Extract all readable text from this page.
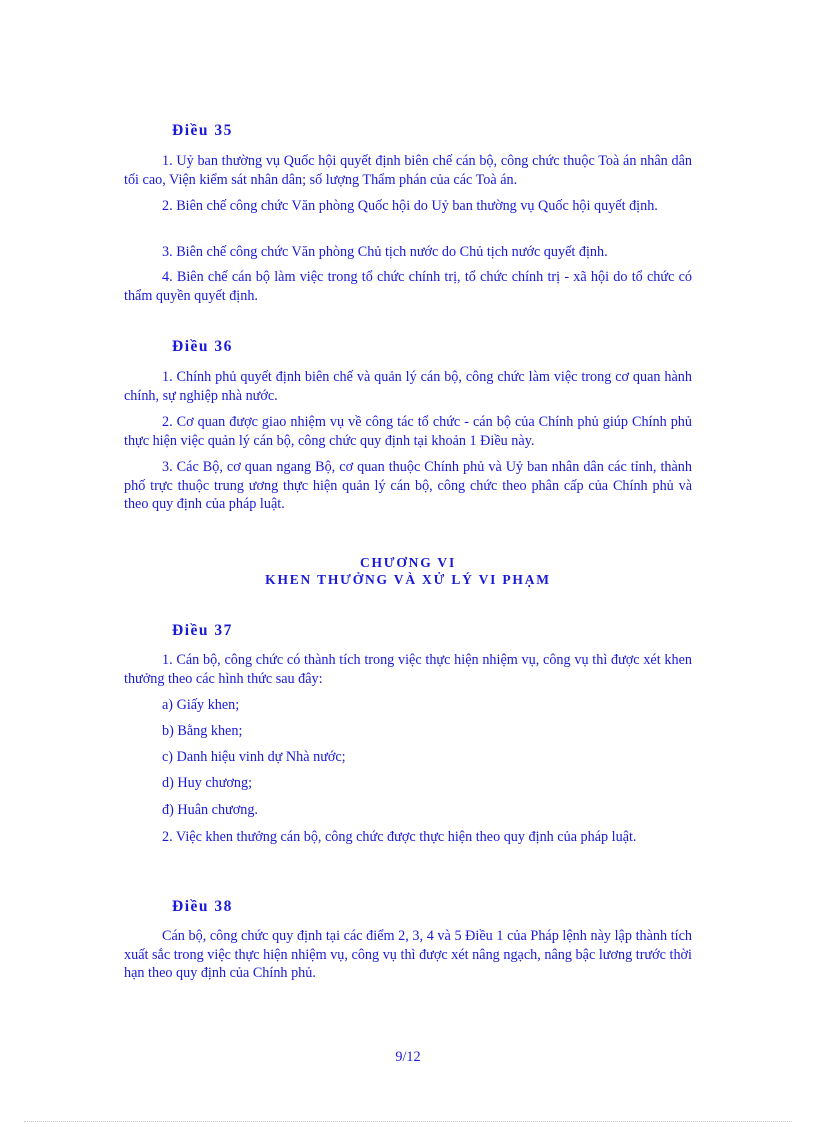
Điều 35

1. Uỷ ban thường vụ Quốc hội quyết định biên chế cán bộ, công chức thuộc Toà án nhân dân tối cao, Viện kiểm sát nhân dân; số lượng Thẩm phán của các Toà án.

2. Biên chế công chức Văn phòng Quốc hội do Uỷ ban thường vụ Quốc hội quyết định.

3. Biên chế công chức Văn phòng Chủ tịch nước do Chủ tịch nước quyết định.

4. Biên chế cán bộ làm việc trong tổ chức chính trị, tổ chức chính trị - xã hội do tổ chức có thẩm quyền quyết định.

Điều 36

1. Chính phủ quyết định biên chế và quản lý cán bộ, công chức làm việc trong cơ quan hành chính, sự nghiệp nhà nước.

2. Cơ quan được giao nhiệm vụ về công tác tổ chức - cán bộ của Chính phủ giúp Chính phủ thực hiện việc quản lý cán bộ, công chức quy định tại khoản 1 Điều này.

3. Các Bộ, cơ quan ngang Bộ, cơ quan thuộc Chính phủ và Uỷ ban nhân dân các tỉnh, thành phố trực thuộc trung ương thực hiện quản lý cán bộ, công chức theo phân cấp của Chính phủ và theo quy định của pháp luật.

CHƯƠNG VI
KHEN THƯỞNG VÀ XỬ LÝ VI PHẠM
Điều 37

1. Cán bộ, công chức có thành tích trong việc thực hiện nhiệm vụ, công vụ thì được xét khen thưởng theo các hình thức sau đây:

a) Giấy khen;

b) Bằng khen;

c) Danh hiệu vinh dự Nhà nước;

d) Huy chương;

đ) Huân chương.

2. Việc khen thưởng cán bộ, công chức được thực hiện theo quy định của pháp luật.

Điều 38

Cán bộ, công chức quy định tại các điểm 2, 3, 4 và 5 Điều 1 của Pháp lệnh này lập thành tích xuất sắc trong việc thực hiện nhiệm vụ, công vụ thì được xét nâng ngạch, nâng bậc lương trước thời hạn theo quy định của Chính phủ.

9/12
